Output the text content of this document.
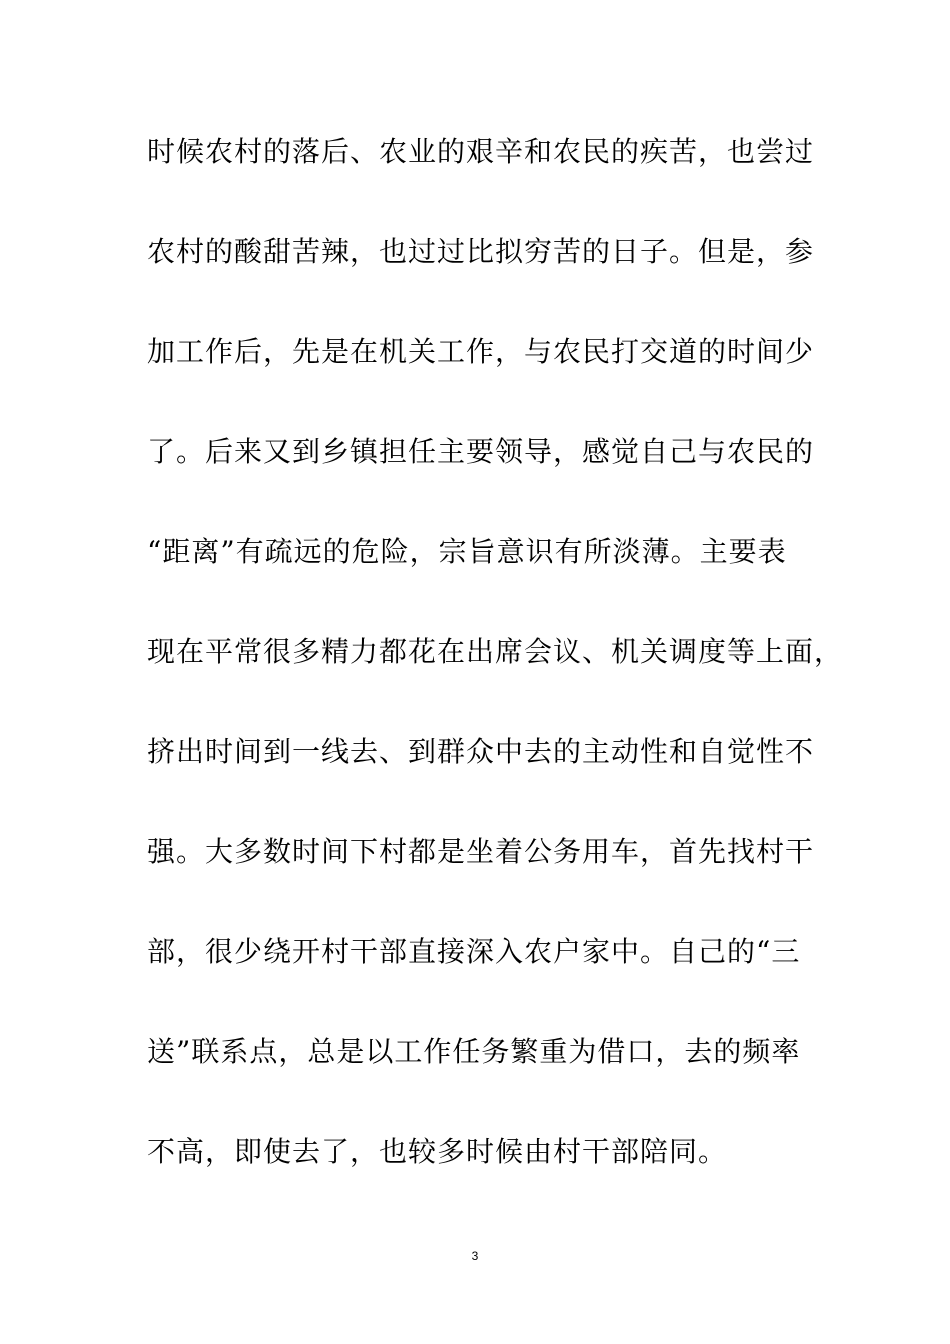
时候农村的落后、农业的艰辛和农民的疾苦，也尝过
农村的酸甜苦辣，也过过比拟穷苦的日子。但是，参
加工作后，先是在机关工作，与农民打交道的时间少
了。后来又到乡镇担任主要领导，感觉自己与农民的
“距离”有疏远的危险，宗旨意识有所淡薄。主要表
现在平常很多精力都花在出席会议、机关调度等上面，
挤出时间到一线去、到群众中去的主动性和自觉性不
强。大多数时间下村都是坐着公务用车，首先找村干
部，很少绕开村干部直接深入农户家中。自己的“三
送”联系点，总是以工作任务繁重为借口，去的频率
不高，即使去了，也较多时候由村干部陪同。
3
